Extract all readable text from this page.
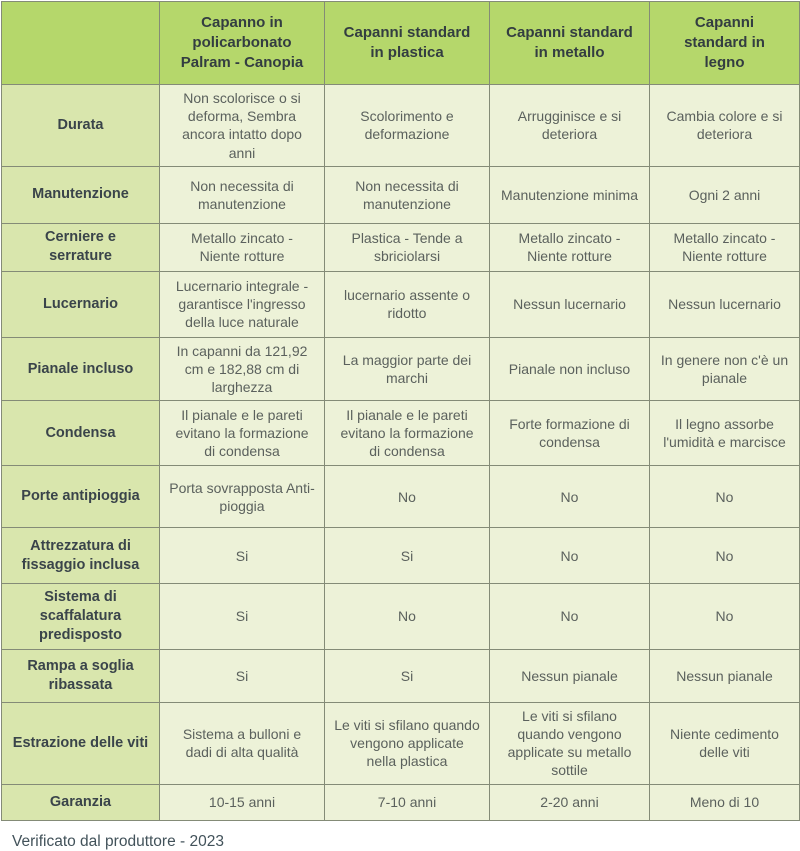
	Capanno in policarbonato Palram - Canopia	Capanni standard in plastica	Capanni standard in metallo	Capanni standard in legno
Durata	Non scolorisce o si deforma, Sembra ancora intatto dopo anni	Scolorimento e deformazione	Arrugginisce e si deteriora	Cambia colore e si deteriora
Manutenzione	Non necessita di manutenzione	Non necessita di manutenzione	Manutenzione minima	Ogni 2 anni
Cerniere e serrature	Metallo zincato - Niente rotture	Plastica - Tende a sbriciolarsi	Metallo zincato - Niente rotture	Metallo zincato - Niente rotture
Lucernario	Lucernario integrale - garantisce l'ingresso della luce naturale	lucernario assente o ridotto	Nessun lucernario	Nessun lucernario
Pianale incluso	In capanni da 121,92 cm e 182,88 cm di larghezza	La maggior parte dei marchi	Pianale non incluso	In genere non c'è un pianale
Condensa	Il pianale e le pareti evitano la formazione di condensa	Il pianale e le pareti evitano la formazione di condensa	Forte formazione di condensa	Il legno assorbe l'umidità e marcisce
Porte antipioggia	Porta sovrapposta Anti-pioggia	No	No	No
Attrezzatura di fissaggio inclusa	Si	Si	No	No
Sistema di scaffalatura predisposto	Si	No	No	No
Rampa a soglia ribassata	Si	Si	Nessun pianale	Nessun pianale
Estrazione delle viti	Sistema a bulloni e dadi di alta qualità	Le viti si sfilano quando vengono applicate nella plastica	Le viti si sfilano quando vengono applicate su metallo sottile	Niente cedimento delle viti
Garanzia	10-15 anni	7-10 anni	2-20 anni	Meno di 10
Verificato dal produttore - 2023
